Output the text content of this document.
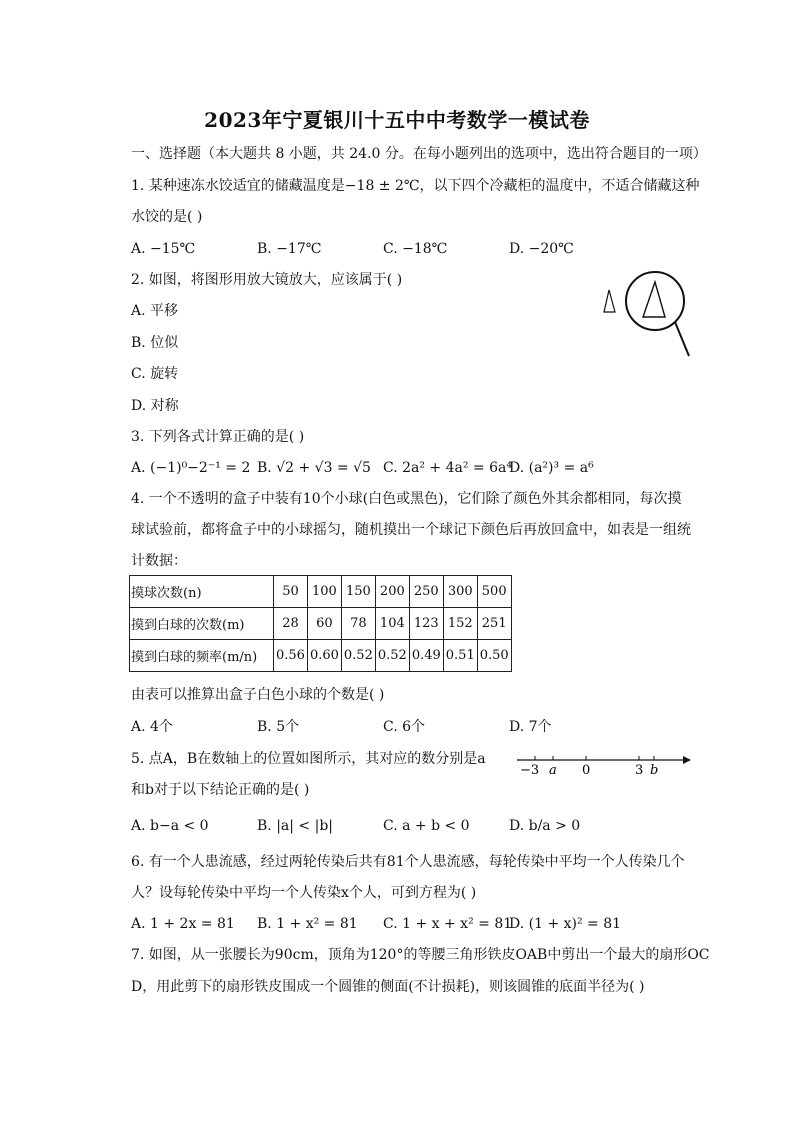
2023年宁夏银川十五中中考数学一模试卷
一、选择题（本大题共 8 小题，共 24.0 分。在每小题列出的选项中，选出符合题目的一项）
1. 某种速冻水饺适宜的储藏温度是−18 ± 2℃，以下四个冷藏柜的温度中，不适合储藏这种
水饺的是( )
A. −15℃	B. −17℃	C. −18℃	D. −20℃
2. 如图，将图形用放大镜放大，应该属于( )
A. 平移
B. 位似
C. 旋转
D. 对称
3. 下列各式计算正确的是( )
A. (−1)⁰−2⁻¹ = 2 B. √2 + √3 = √5 C. 2a² + 4a² = 6a⁴
D. (a²)³ = a⁶
4. 一个不透明的盒子中装有10个小球(白色或黑色)，它们除了颜色外其余都相同，每次摸
球试验前，都将盒子中的小球摇匀，随机摸出一个球记下颜色后再放回盒中，如表是一组统
计数据：
摸球次数(n)	50	100	150	200	250	300	500
摸到白球的次数(m)	28	60	78	104	123	152	251
摸到白球的频率(m/n)	0.56	0.60	0.52	0.52	0.49	0.51	0.50
由表可以推算出盒子白色小球的个数是( )
A. 4个	B. 5个	C. 6个	D. 7个
5. 点A，B在数轴上的位置如图所示，其对应的数分别是a
和b对于以下结论正确的是( )
−3 a 0	3 b
A. b−a < 0	B. |a| < |b|	C. a + b < 0	D. b/a > 0
6. 有一个人患流感，经过两轮传染后共有81个人患流感，每轮传染中平均一个人传染几个
人？设每轮传染中平均一个人传染x个人，可到方程为( )
A. 1 + 2x = 81 B. 1 + x² = 81 C. 1 + x + x² = 81
D. (1 + x)² = 81
7. 如图，从一张腰长为90cm，顶角为120°的等腰三角形铁皮OAB中剪出一个最大的扇形OC
D，用此剪下的扇形铁皮围成一个圆锥的侧面(不计损耗)，则该圆锥的底面半径为( )
